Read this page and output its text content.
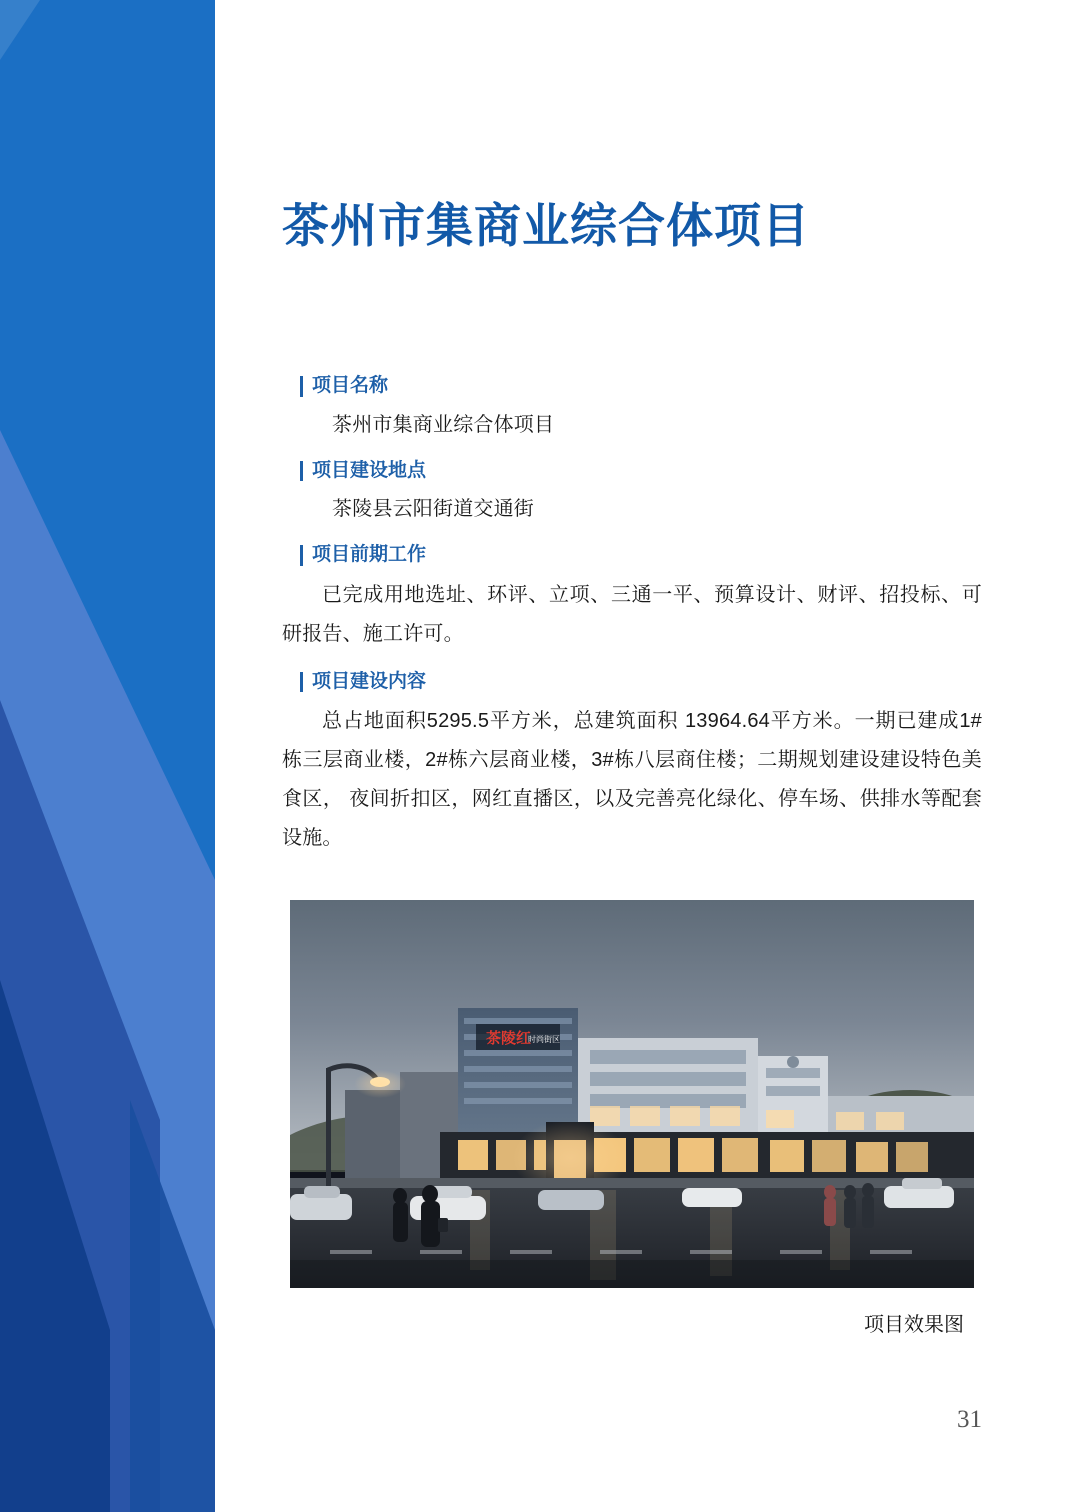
茶州市集商业综合体项目
项目名称
茶州市集商业综合体项目
项目建设地点
茶陵县云阳街道交通街
项目前期工作
已完成用地选址、环评、立项、三通一平、预算设计、财评、招投标、可研报告、施工许可。
项目建设内容
总占地面积5295.5平方米，总建筑面积 13964.64平方米。一期已建成1#栋三层商业楼，2#栋六层商业楼，3#栋八层商住楼；二期规划建设建设特色美食区， 夜间折扣区，网红直播区，以及完善亮化绿化、停车场、供排水等配套设施。
茶陵红
时尚街区
项目效果图
31
